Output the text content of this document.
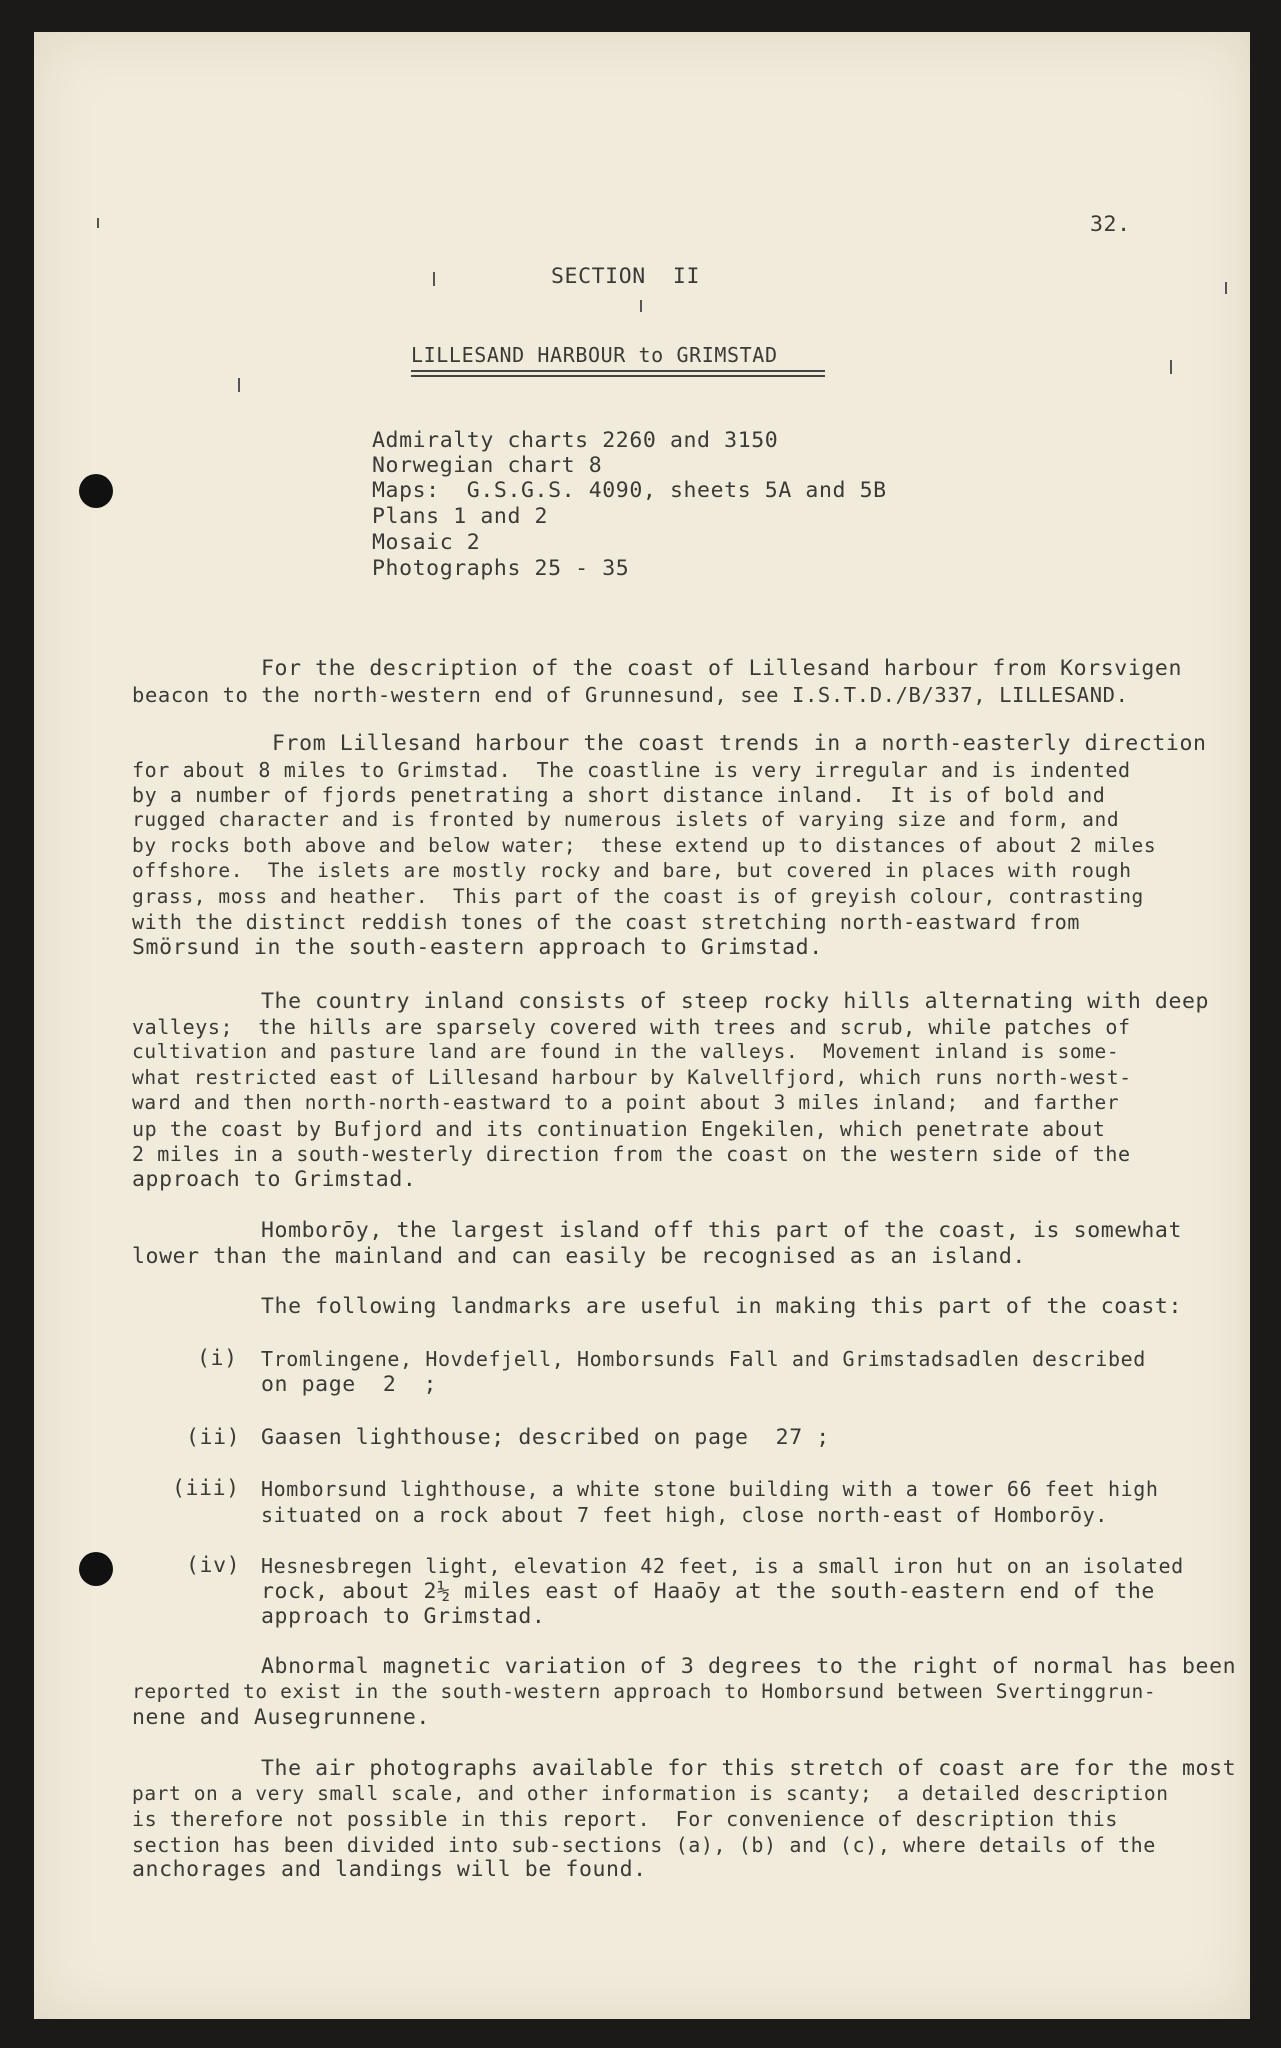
32.
SECTION  II
LILLESAND HARBOUR to GRIMSTAD
Admiralty charts 2260 and 3150
Norwegian chart 8
Maps:  G.S.G.S. 4090, sheets 5A and 5B
Plans 1 and 2
Mosaic 2
Photographs 25 - 35
For the description of the coast of Lillesand harbour from Korsvigen
beacon to the north-western end of Grunnesund, see I.S.T.D./B/337, LILLESAND.
From Lillesand harbour the coast trends in a north-easterly direction
for about 8 miles to Grimstad.  The coastline is very irregular and is indented
by a number of fjords penetrating a short distance inland.  It is of bold and
rugged character and is fronted by numerous islets of varying size and form, and
by rocks both above and below water;  these extend up to distances of about 2 miles
offshore.  The islets are mostly rocky and bare, but covered in places with rough
grass, moss and heather.  This part of the coast is of greyish colour, contrasting
with the distinct reddish tones of the coast stretching north-eastward from
Smörsund in the south-eastern approach to Grimstad.
The country inland consists of steep rocky hills alternating with deep
valleys;  the hills are sparsely covered with trees and scrub, while patches of
cultivation and pasture land are found in the valleys.  Movement inland is some-
what restricted east of Lillesand harbour by Kalvellfjord, which runs north-west-
ward and then north-north-eastward to a point about 3 miles inland;  and farther
up the coast by Bufjord and its continuation Engekilen, which penetrate about
2 miles in a south-westerly direction from the coast on the western side of the
approach to Grimstad.
Homborōy, the largest island off this part of the coast, is somewhat
lower than the mainland and can easily be recognised as an island.
The following landmarks are useful in making this part of the coast:
(i) Tromlingene, Hovdefjell, Homborsunds Fall and Grimstadsadlen described
on page  2  ;
(ii) Gaasen lighthouse; described on page  27 ;
(iii) Homborsund lighthouse, a white stone building with a tower 66 feet high
situated on a rock about 7 feet high, close north-east of Homborōy.
(iv) Hesnesbregen light, elevation 42 feet, is a small iron hut on an isolated
rock, about 2½ miles east of Haaōy at the south-eastern end of the
approach to Grimstad.
Abnormal magnetic variation of 3 degrees to the right of normal has been
reported to exist in the south-western approach to Homborsund between Svertinggrun-
nene and Ausegrunnene.
The air photographs available for this stretch of coast are for the most
part on a very small scale, and other information is scanty;  a detailed description
is therefore not possible in this report.  For convenience of description this
section has been divided into sub-sections (a), (b) and (c), where details of the
anchorages and landings will be found.
